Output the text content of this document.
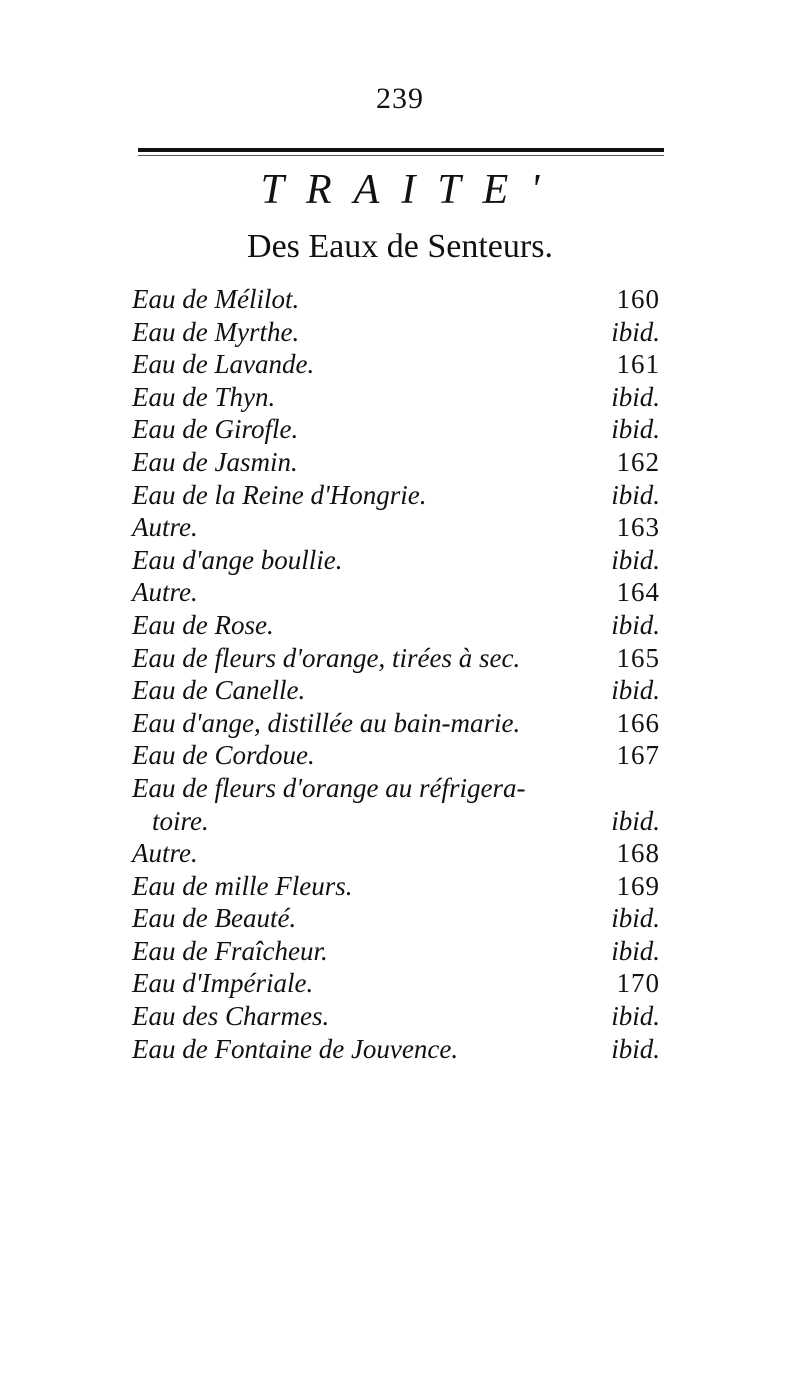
239
TRAITE'
Des Eaux de Senteurs.
Eau de Mélilot.	160
Eau de Myrthe.	ibid.
Eau de Lavande.	161
Eau de Thyn.	ibid.
Eau de Girofle.	ibid.
Eau de Jasmin.	162
Eau de la Reine d'Hongrie.	ibid.
Autre.	163
Eau d'ange boullie.	ibid.
Autre.	164
Eau de Rose.	ibid.
Eau de fleurs d'orange, tirées à sec.	165
Eau de Canelle.	ibid.
Eau d'ange, distillée au bain-marie.	166
Eau de Cordoue.	167
Eau de fleurs d'orange au réfrigera-
toire.	ibid.
Autre.	168
Eau de mille Fleurs.	169
Eau de Beauté.	ibid.
Eau de Fraîcheur.	ibid.
Eau d'Impériale.	170
Eau des Charmes.	ibid.
Eau de Fontaine de Jouvence.	ibid.
